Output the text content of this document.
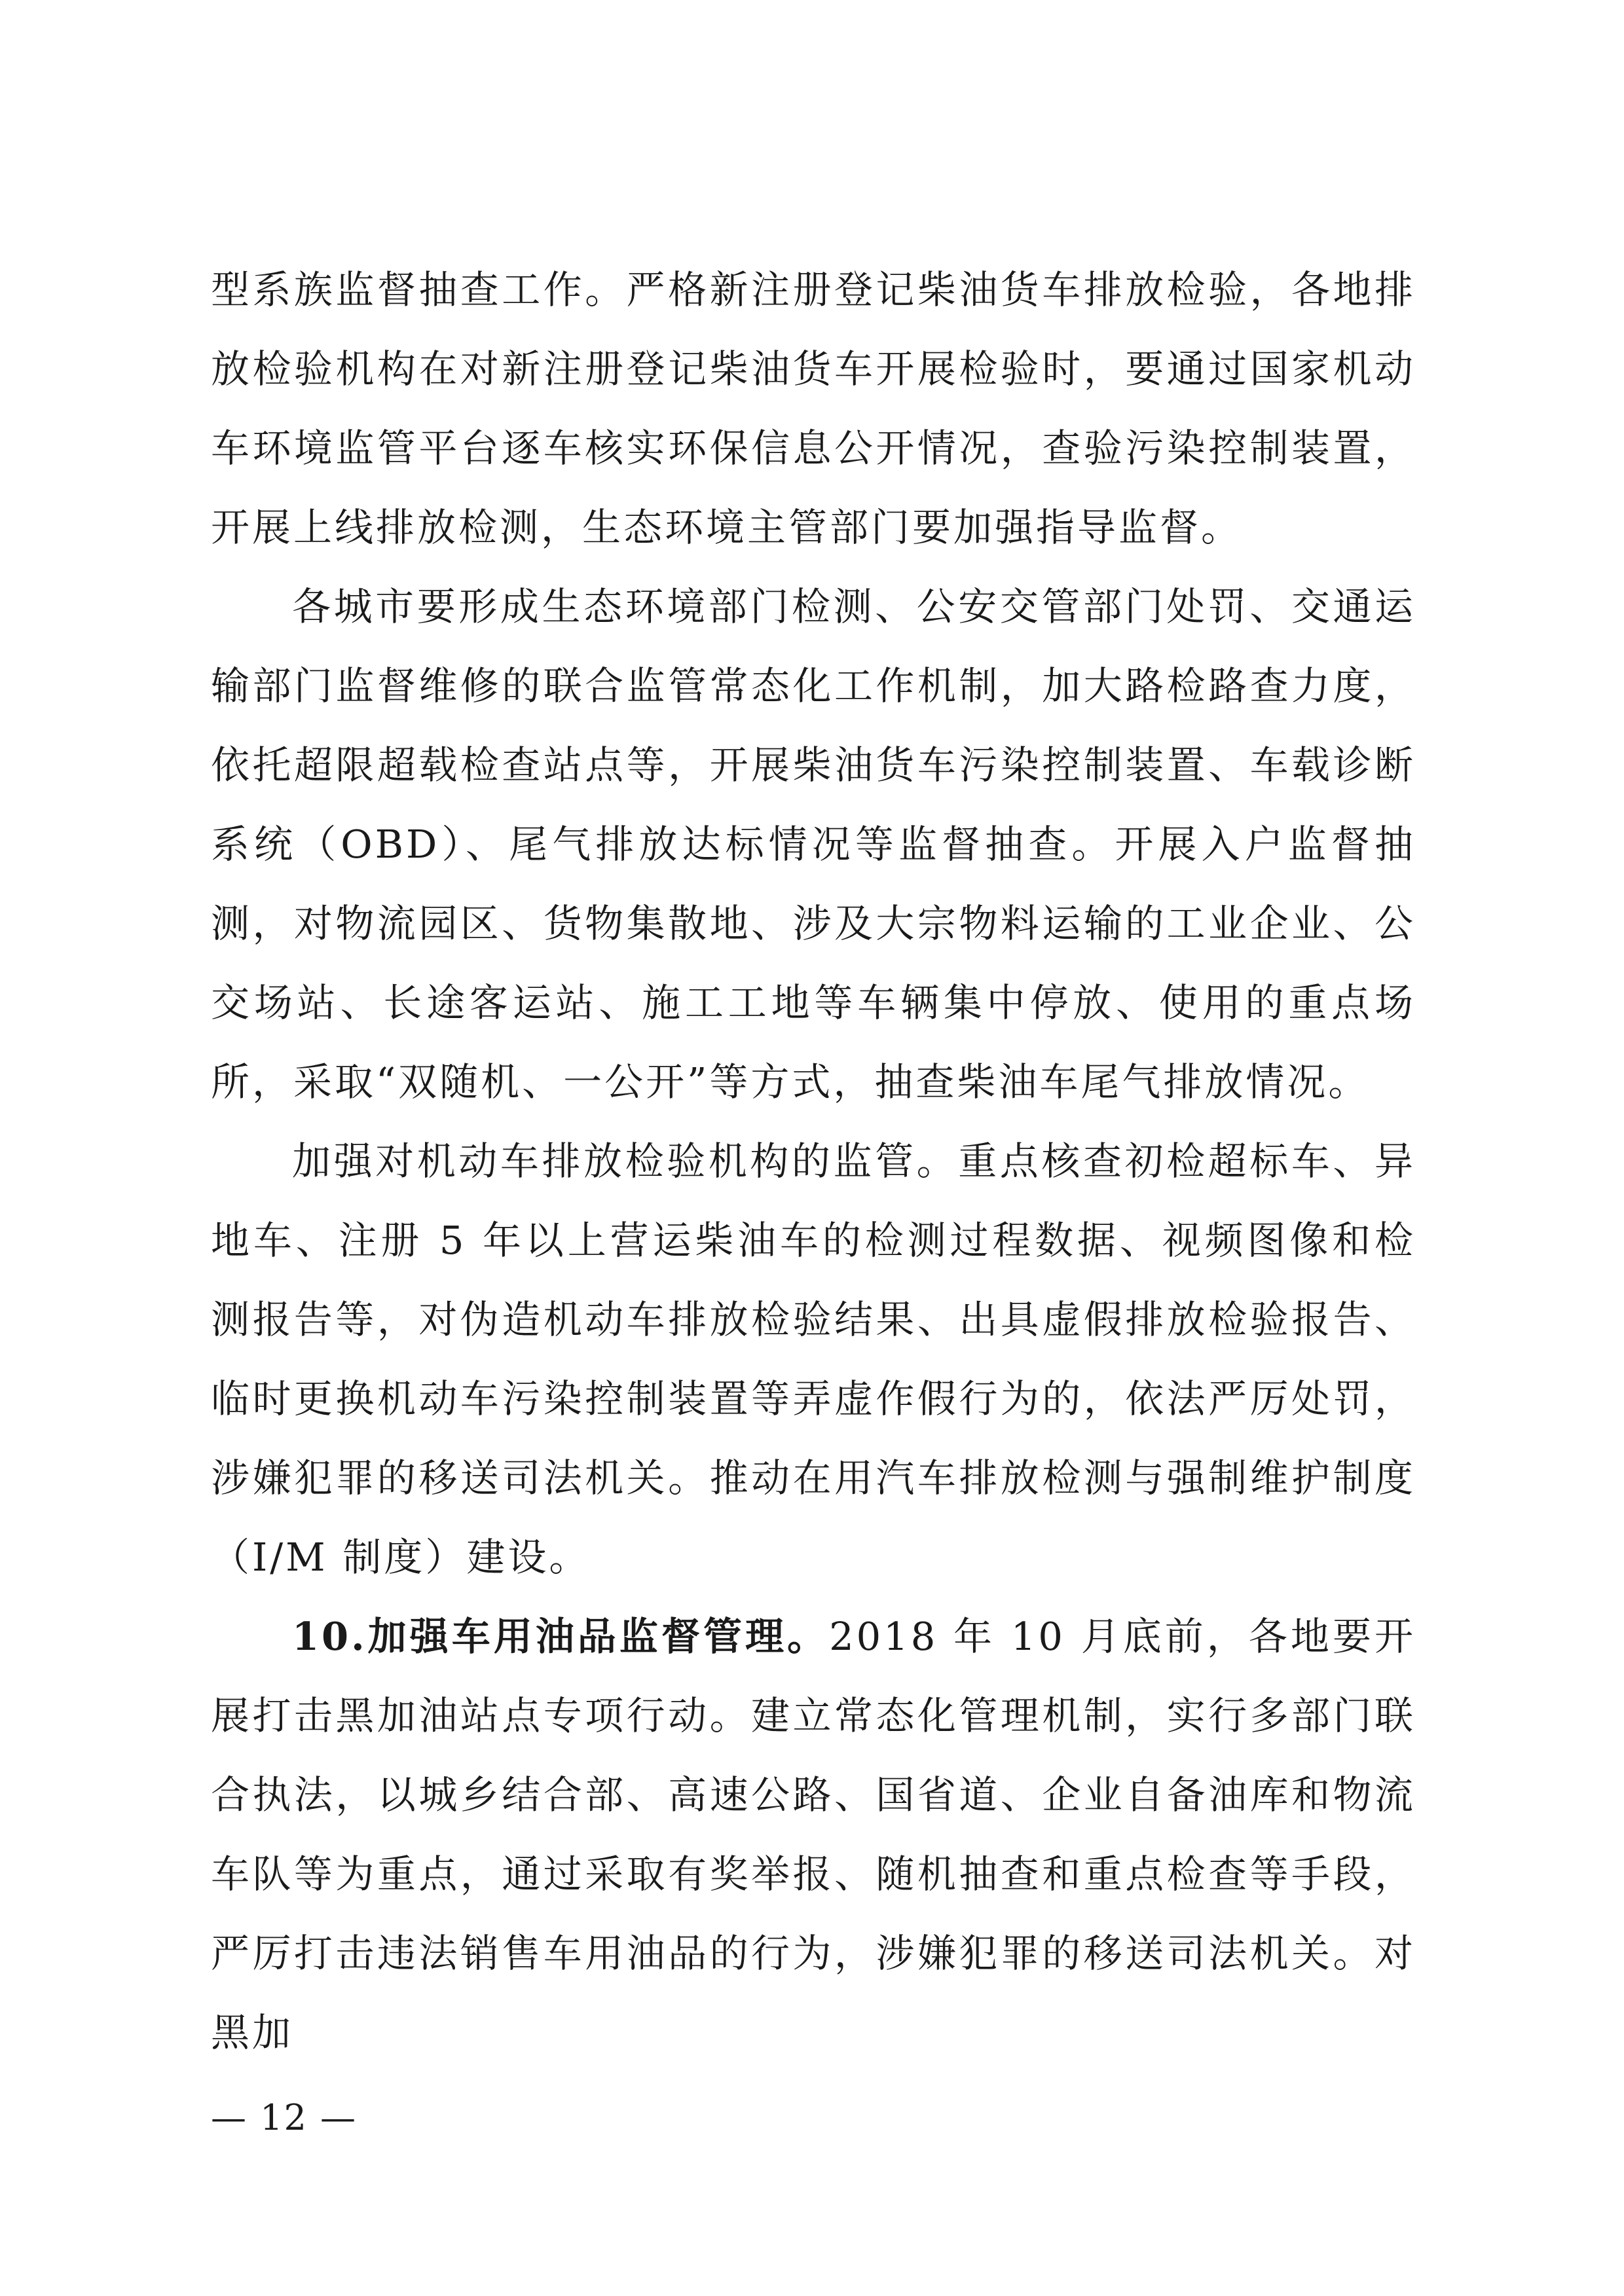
型系族监督抽查工作。严格新注册登记柴油货车排放检验，各地排放检验机构在对新注册登记柴油货车开展检验时，要通过国家机动车环境监管平台逐车核实环保信息公开情况，查验污染控制装置，开展上线排放检测，生态环境主管部门要加强指导监督。

各城市要形成生态环境部门检测、公安交管部门处罚、交通运输部门监督维修的联合监管常态化工作机制，加大路检路查力度，依托超限超载检查站点等，开展柴油货车污染控制装置、车载诊断系统（OBD）、尾气排放达标情况等监督抽查。开展入户监督抽测，对物流园区、货物集散地、涉及大宗物料运输的工业企业、公交场站、长途客运站、施工工地等车辆集中停放、使用的重点场所，采取“双随机、一公开”等方式，抽查柴油车尾气排放情况。

加强对机动车排放检验机构的监管。重点核查初检超标车、异地车、注册 5 年以上营运柴油车的检测过程数据、视频图像和检测报告等，对伪造机动车排放检验结果、出具虚假排放检验报告、临时更换机动车污染控制装置等弄虚作假行为的，依法严厉处罚，涉嫌犯罪的移送司法机关。推动在用汽车排放检测与强制维护制度（I/M 制度）建设。

10.加强车用油品监督管理。2018 年 10 月底前，各地要开展打击黑加油站点专项行动。建立常态化管理机制，实行多部门联合执法，以城乡结合部、高速公路、国省道、企业自备油库和物流车队等为重点，通过采取有奖举报、随机抽查和重点检查等手段，严厉打击违法销售车用油品的行为，涉嫌犯罪的移送司法机关。对黑加

— 12 —
